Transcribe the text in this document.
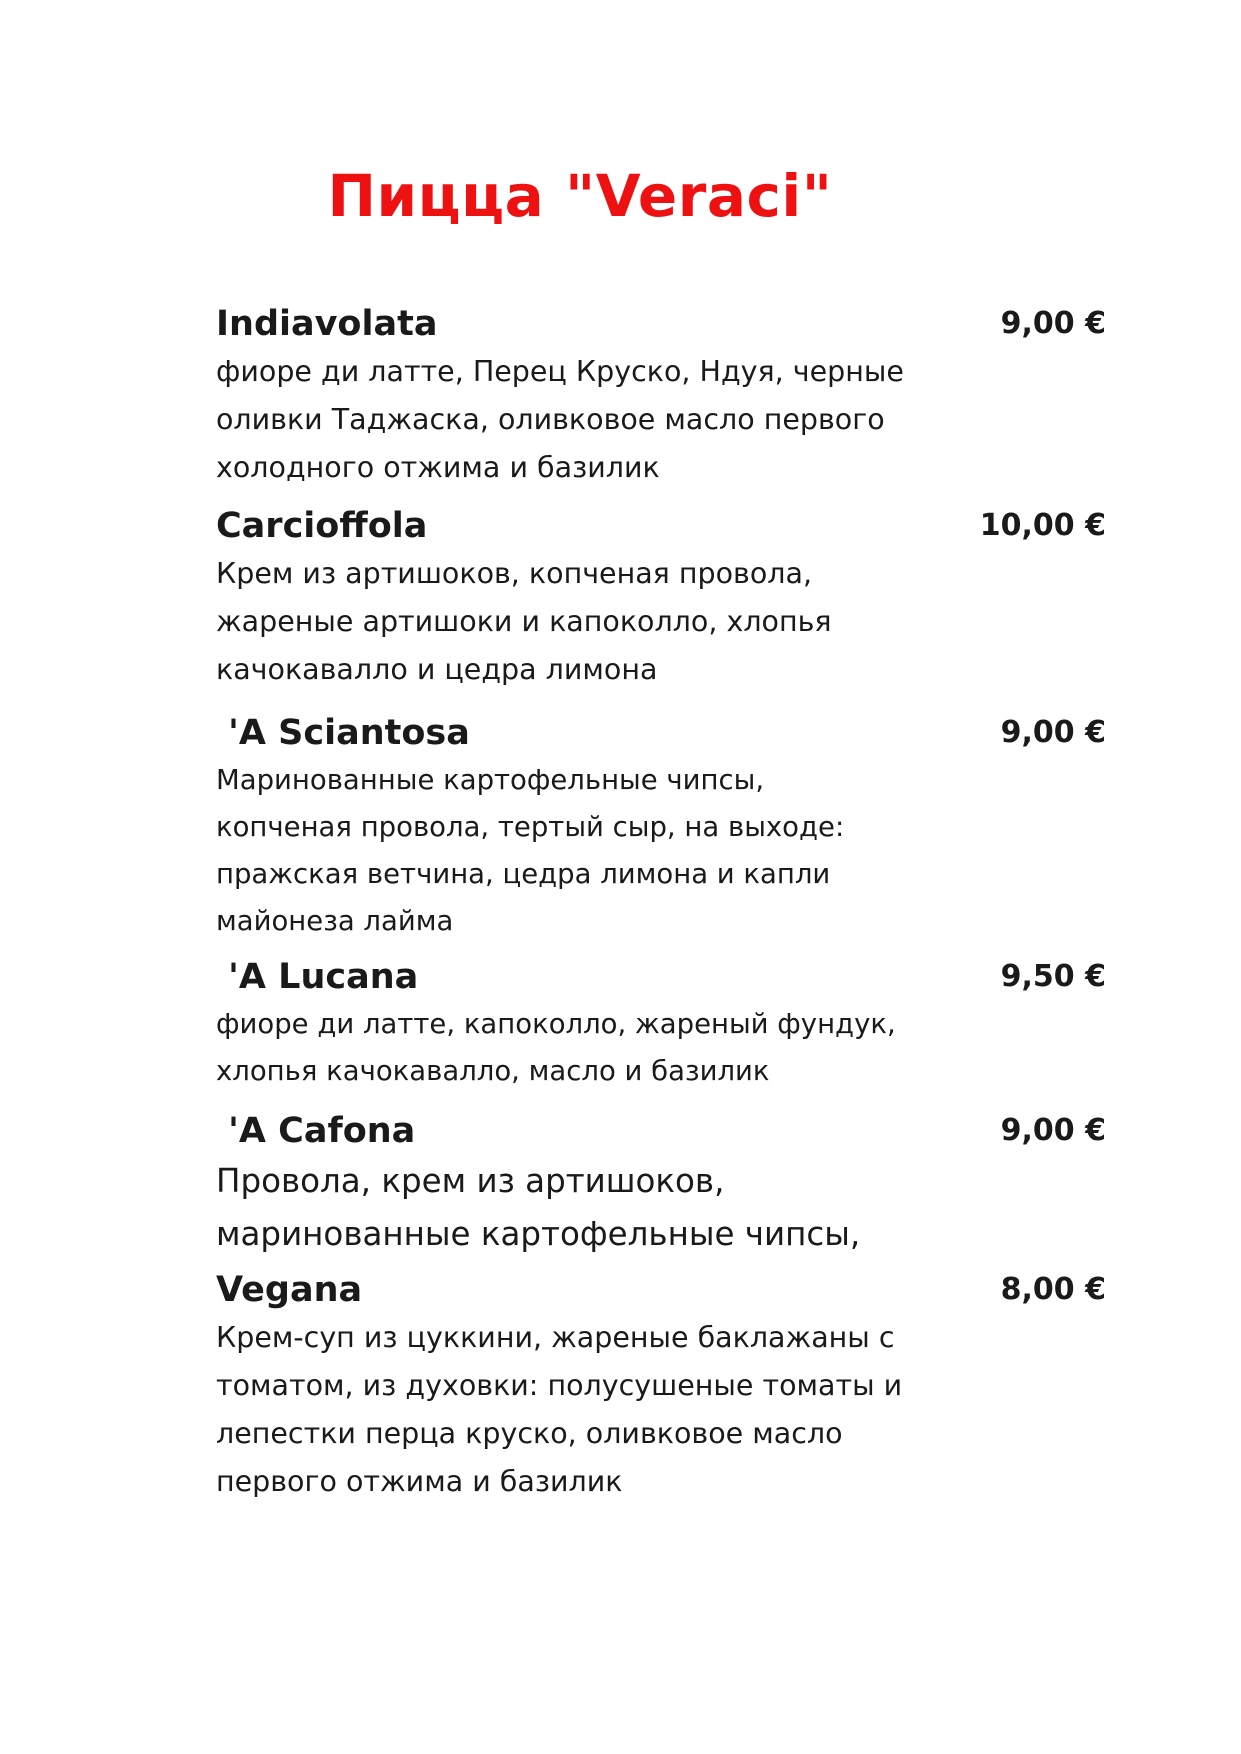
Пицца "Veraci"
Indiavolata	9,00 €
фиоре ди латте, Перец Круско, Ндуя, черные
оливки Таджаска, оливковое масло первого
холодного отжима и базилик
Carcioffola	10,00 €
Крем из артишоков, копченая провола,
жареные артишоки и капоколло, хлопья
качокавалло и цедра лимона
'A Sciantosa	9,00 €
Маринованные картофельные чипсы,
копченая провола, тертый сыр, на выходе:
пражская ветчина, цедра лимона и капли
майонеза лайма
'A Lucana	9,50 €
фиоре ди латте, капоколло, жареный фундук,
хлопья качокавалло, масло и базилик
'A Cafona	9,00 €
Провола, крем из артишоков,
маринованные картофельные чипсы,
Vegana	8,00 €
Крем-суп из цуккини, жареные баклажаны с
томатом, из духовки: полусушеные томаты и
лепестки перца круско, оливковое масло
первого отжима и базилик
